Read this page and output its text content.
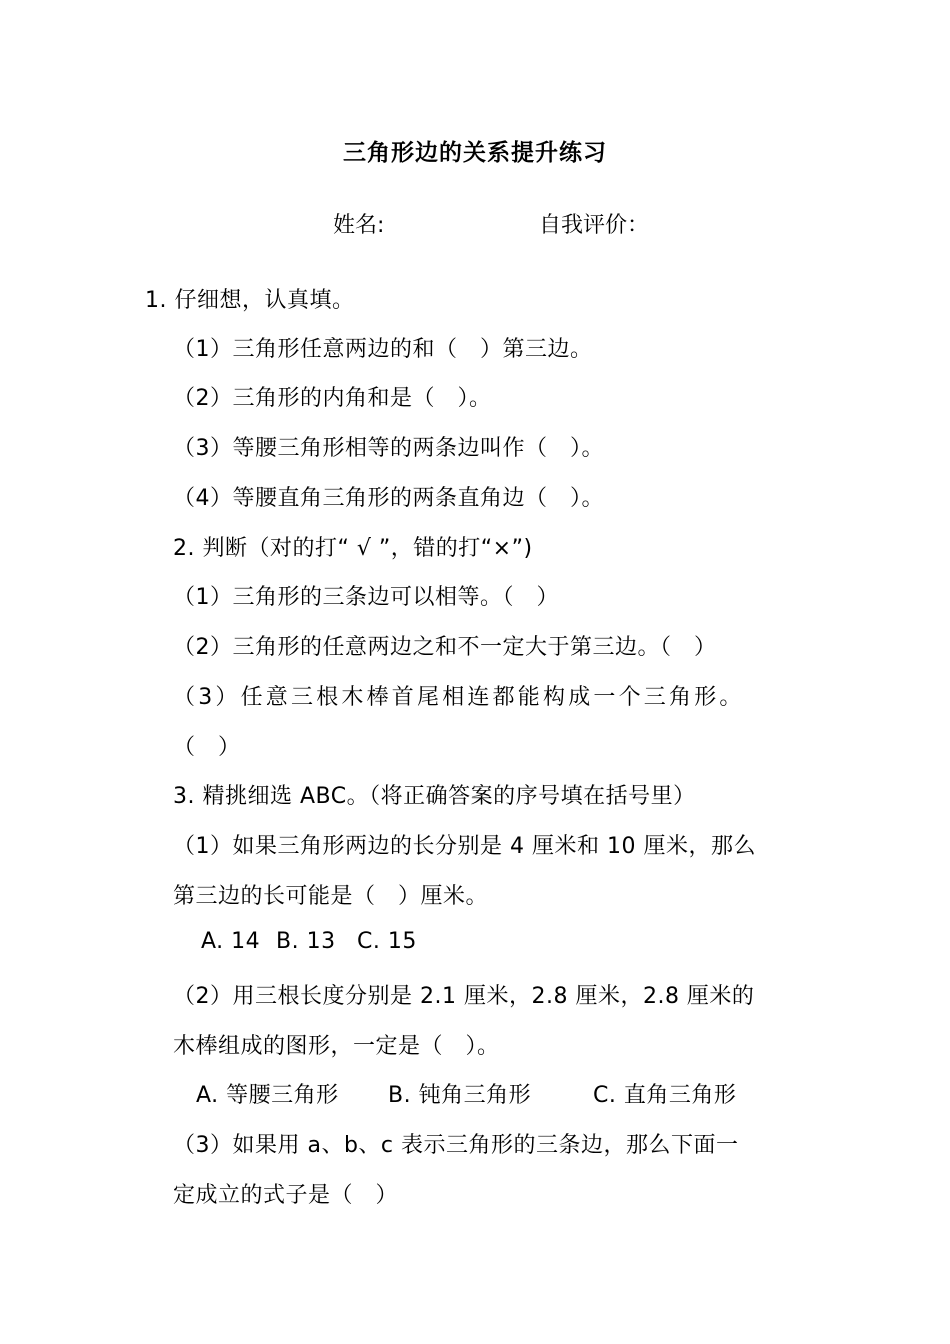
三角形边的关系提升练习
姓名:	自我评价：
1. 仔细想，认真填。
（1）三角形任意两边的和（　）第三边。
（2）三角形的内角和是（　）。
（3）等腰三角形相等的两条边叫作（　）。
（4）等腰直角三角形的两条直角边（　）。
2. 判断（对的打“ √ ”，错的打“×”)
（1）三角形的三条边可以相等。（　）
（2）三角形的任意两边之和不一定大于第三边。（　）
（3）任意三根木棒首尾相连都能构成一个三角形。
（　）
3. 精挑细选 ABC。（将正确答案的序号填在括号里）
（1）如果三角形两边的长分别是 4 厘米和 10 厘米，那么
第三边的长可能是（　）厘米。
A. 14 B. 13 C. 15
（2）用三根长度分别是 2.1 厘米，2.8 厘米，2.8 厘米的
木棒组成的图形，一定是（　）。
A. 等腰三角形 B. 钝角三角形	C. 直角三角形
（3）如果用 a、b、c 表示三角形的三条边，那么下面一
定成立的式子是（　）
